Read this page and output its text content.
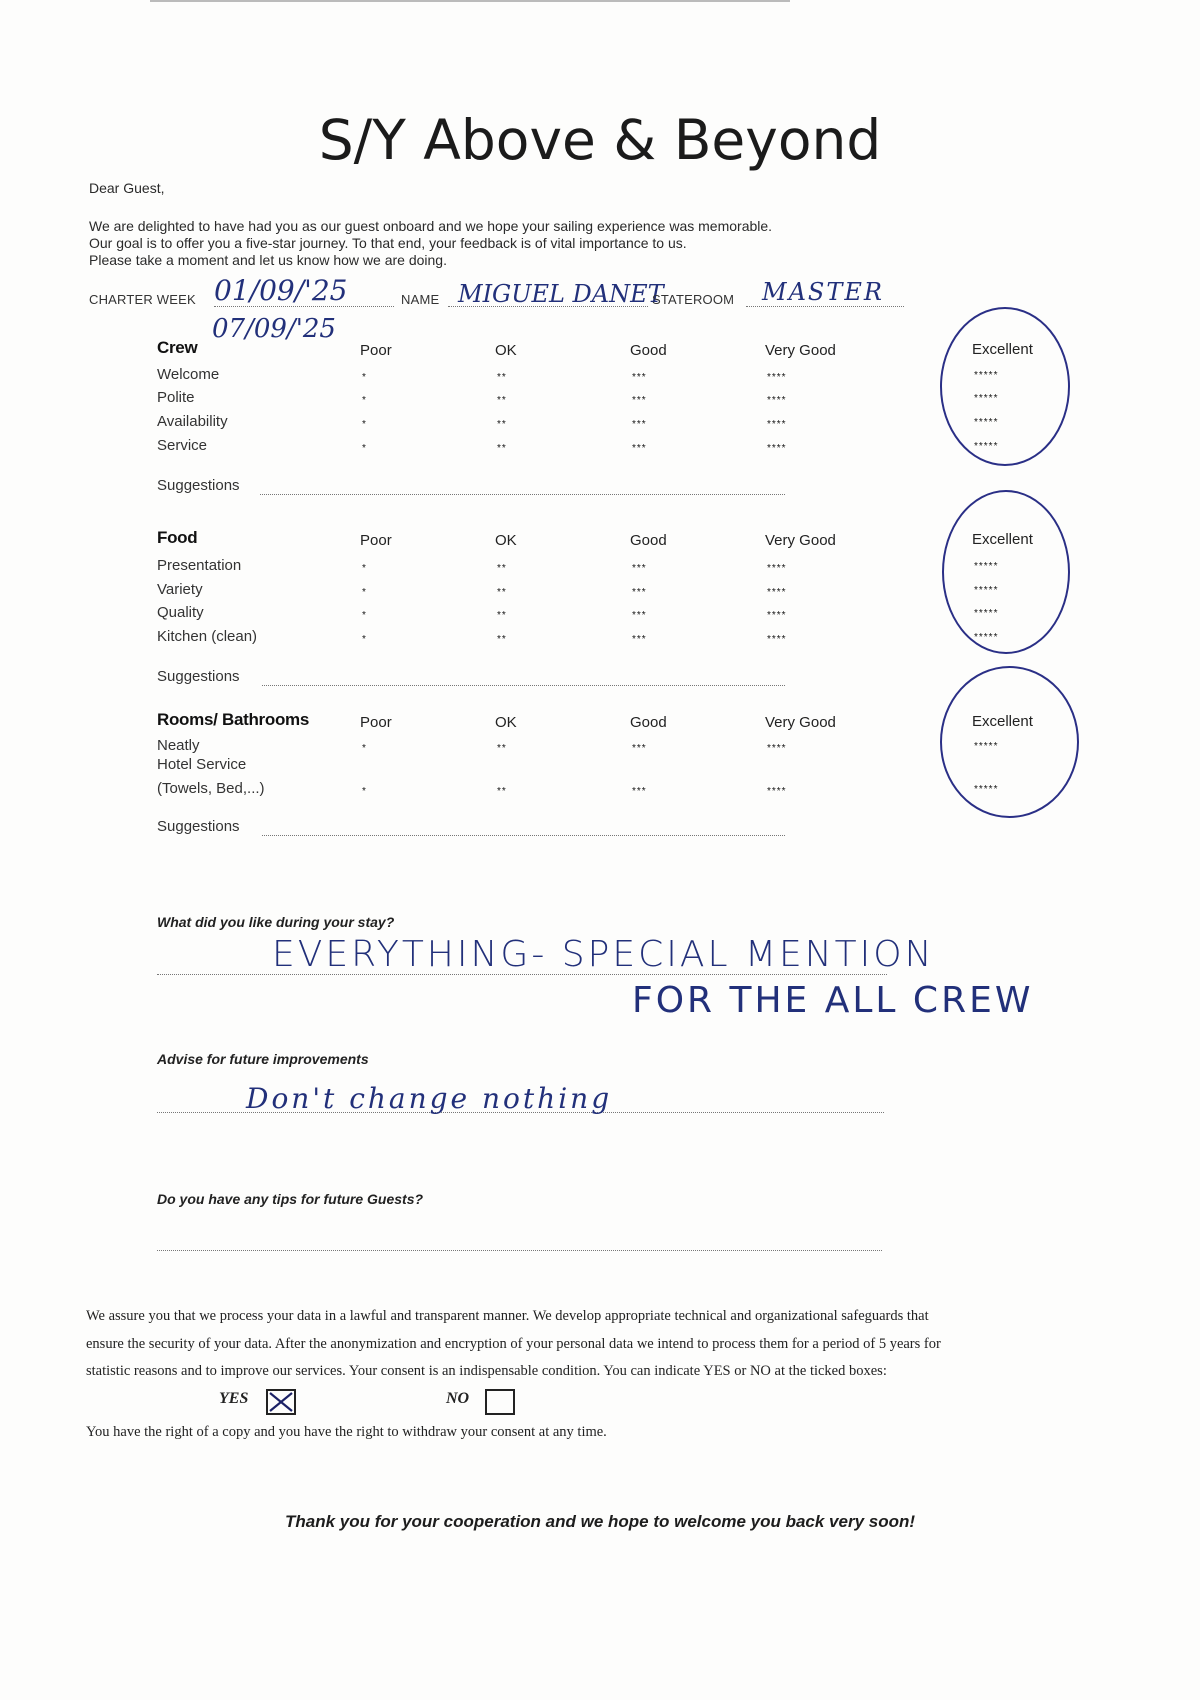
S/Y Above & Beyond
Dear Guest,
We are delighted to have had you as our guest onboard and we hope your sailing experience was memorable.
Our goal is to offer you a five-star journey. To that end, your feedback is of vital importance to us.
Please take a moment and let us know how we are doing.
CHARTER WEEK 01/09/'25
07/09/'25
NAME MIGUEL DANET
STATEROOM MASTER
Crew	Poor	OK	Good	Very Good	Excellent
Welcome	*	**	***	****	*****
Polite	*	**	***	****	*****
Availability	*	**	***	****	*****
Service	*	**	***	****	*****
Suggestions
Food	Poor	OK	Good	Very Good	Excellent
Presentation	*	**	***	****	*****
Variety	*	**	***	****	*****
Quality	*	**	***	****	*****
Kitchen (clean)	*	**	***	****	*****
Suggestions
Rooms/ Bathrooms	Poor	OK	Good	Very Good	Excellent
Neatly	*	**	***	****	*****
Hotel Service
(Towels, Bed,...)	*	**	***	****	*****
Suggestions
What did you like during your stay?
EVERYTHING- SPECIAL MENTION
FOR THE ALL CREW
Advise for future improvements
Don't change nothing
Do you have any tips for future Guests?
We assure you that we process your data in a lawful and transparent manner. We develop appropriate technical and organizational safeguards that
ensure the security of your data. After the anonymization and encryption of your personal data we intend to process them for a period of 5 years for
statistic reasons and to improve our services. Your consent is an indispensable condition. You can indicate YES or NO at the ticked boxes:
YES	NO
You have the right of a copy and you have the right to withdraw your consent at any time.
Thank you for your cooperation and we hope to welcome you back very soon!
